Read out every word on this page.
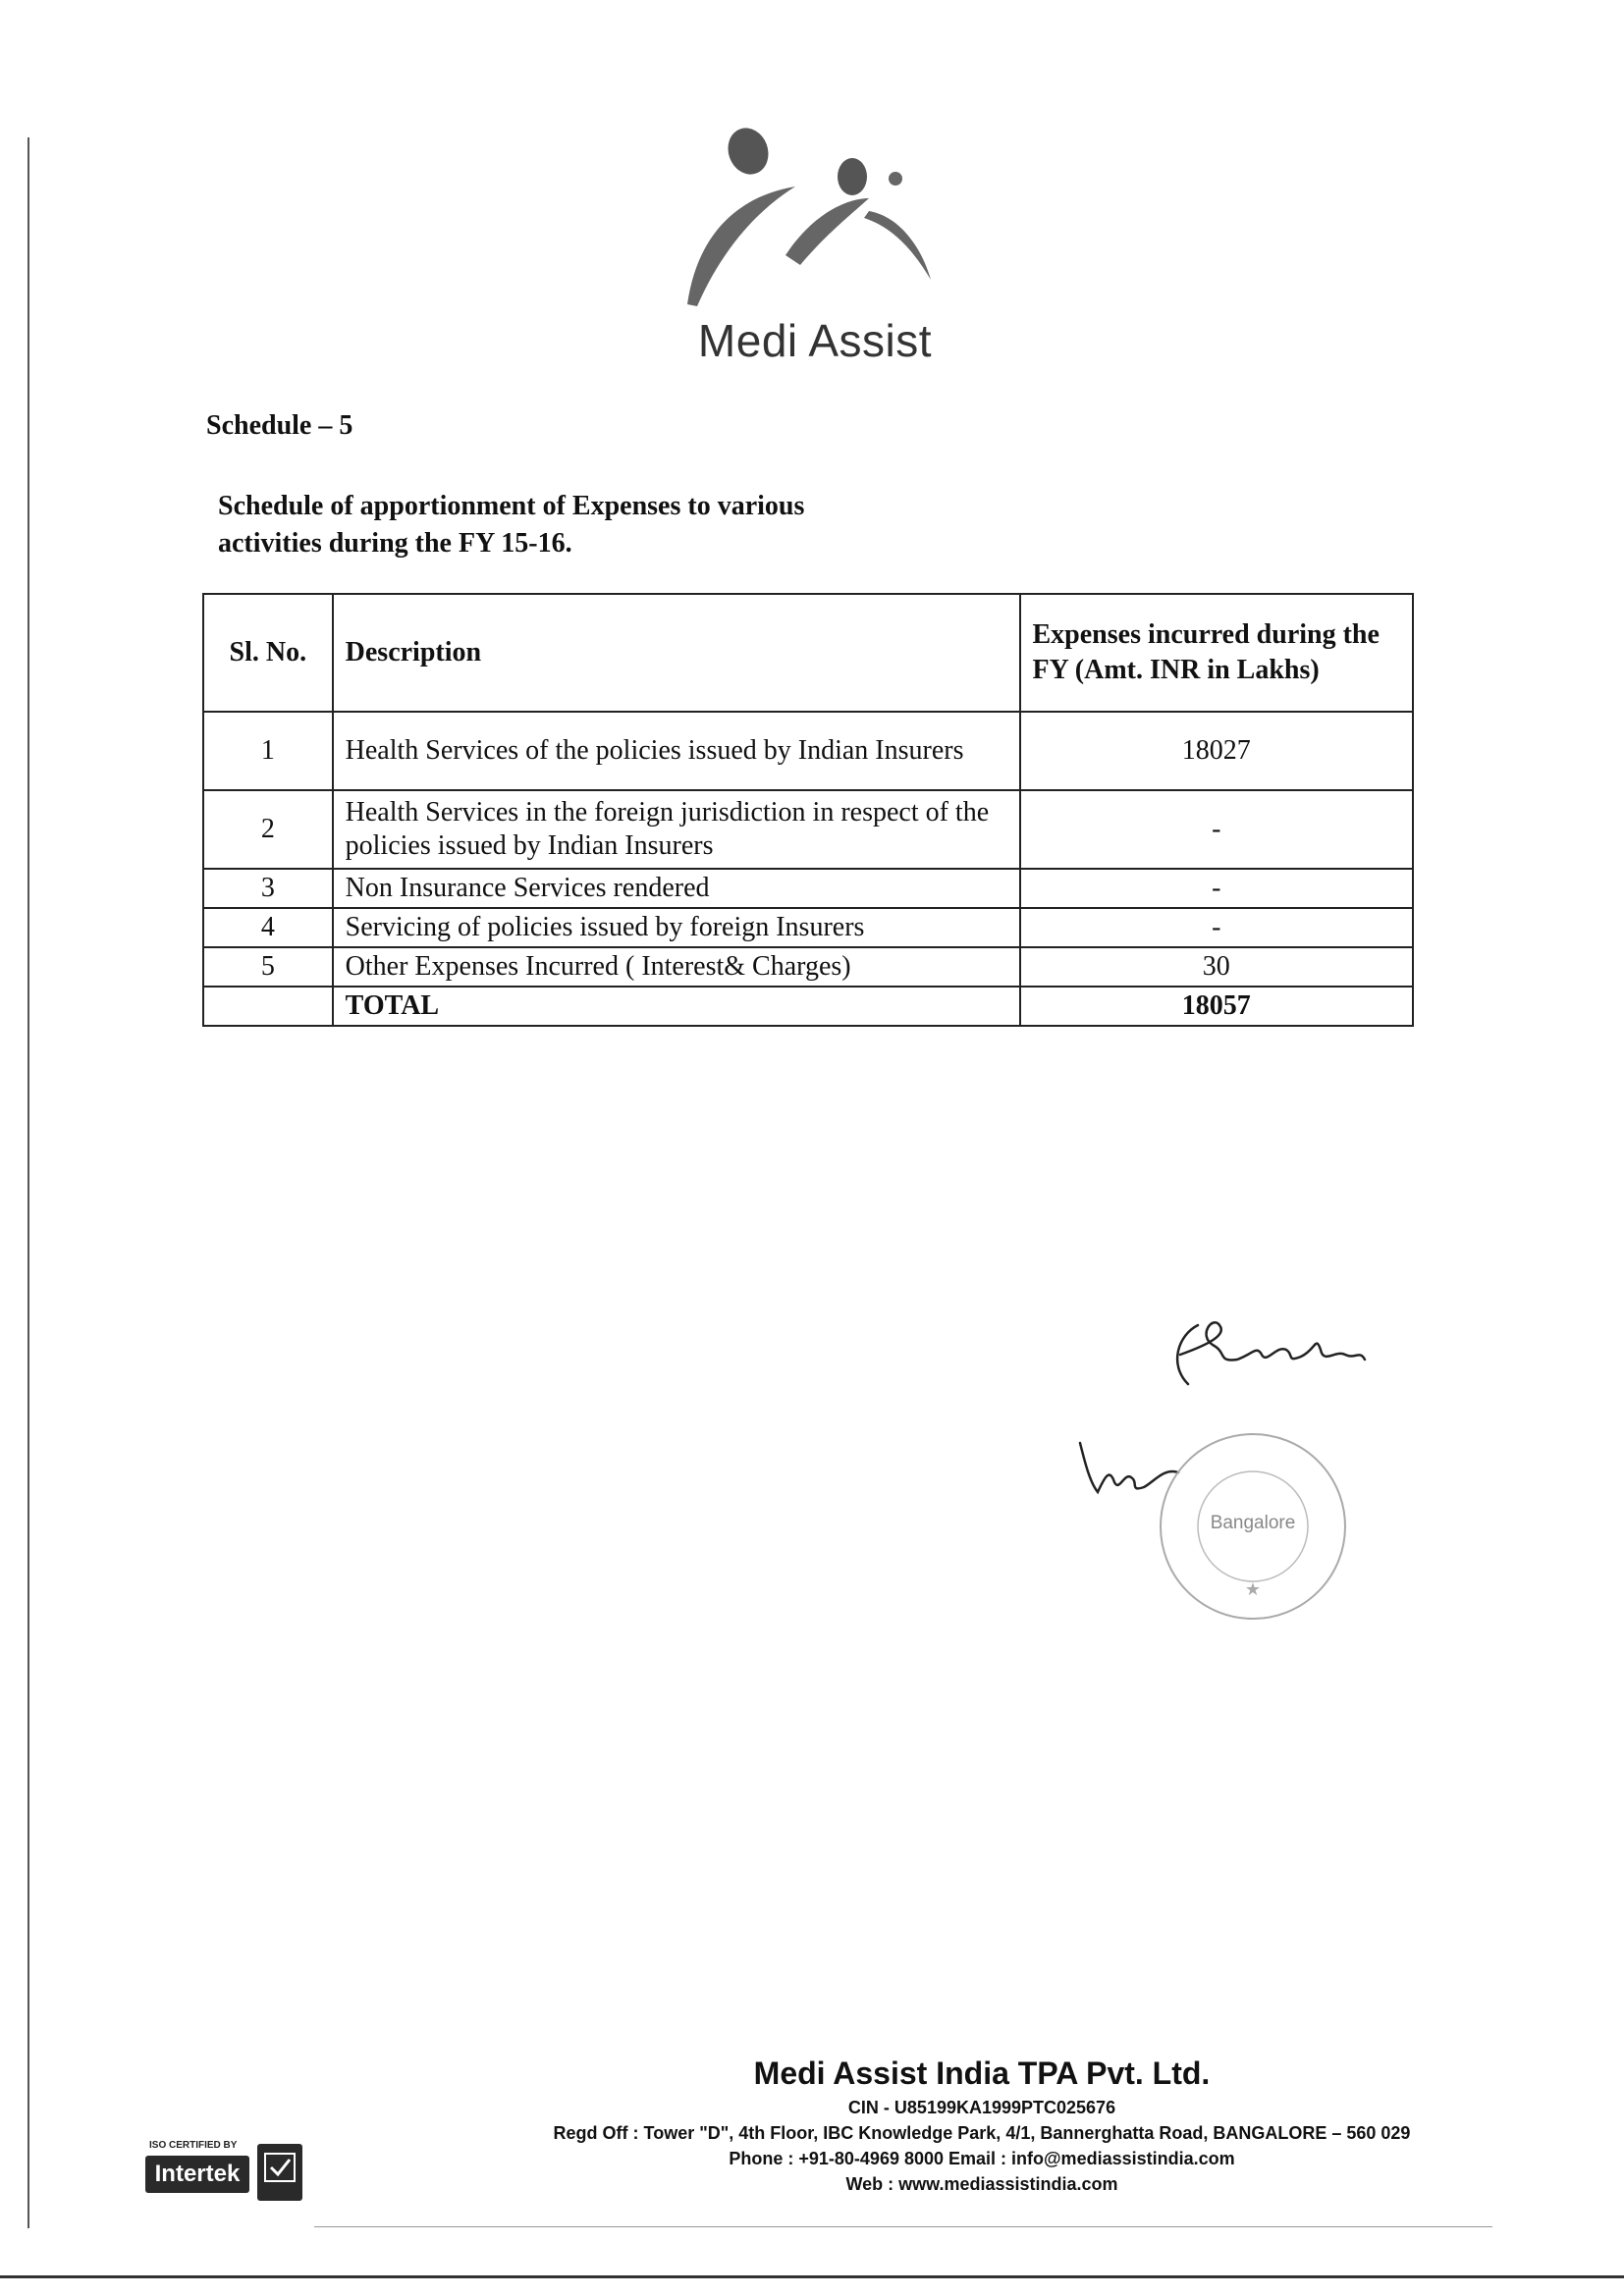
Medi Assist
Schedule – 5
Schedule of apportionment of Expenses to various
activities during the FY 15-16.
Sl. No.	Description	Expenses incurred during the FY (Amt. INR in Lakhs)
1	Health Services of the policies issued by Indian Insurers	18027
2	Health Services in the foreign jurisdiction in respect of the policies issued by Indian Insurers	-
3	Non Insurance Services rendered	-
4	Servicing of policies issued by foreign Insurers	-
5	Other Expenses Incurred ( Interest& Charges)	30
	TOTAL	18057
★
Bangalore
Medi Assist India TPA Pvt. Ltd.
CIN - U85199KA1999PTC025676
Regd Off : Tower "D", 4th Floor, IBC Knowledge Park, 4/1, Bannerghatta Road, BANGALORE – 560 029
Phone : +91-80-4969 8000 Email : info@mediassistindia.com
Web : www.mediassistindia.com
ISO CERTIFIED BY
Intertek
